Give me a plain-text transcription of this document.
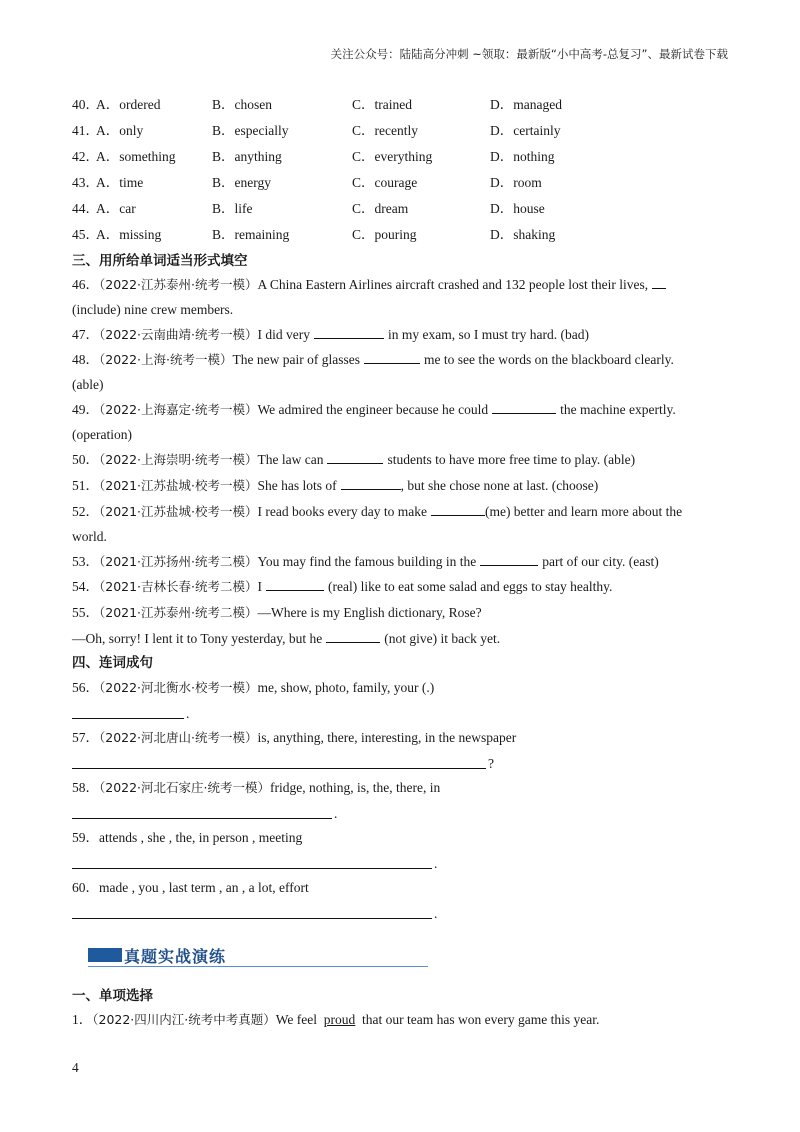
关注公众号：陆陆高分冲刺 ~领取：最新版“小中高考-总复习”、最新试卷下载
40．
A．ordered	B．chosen	C．trained	D．managed
41．
A．only	B．especially	C．recently	D．certainly
42．
A．something	B．anything	C．everything	D．nothing
43．
A．time	B．energy	C．courage	D．room
44．
A．car	B．life	C．dream	D．house
45．
A．missing	B．remaining	C．pouring	D．shaking
三、用所给单词适当形式填空
46．（2022·江苏泰州·统考一模）A China Eastern Airlines aircraft crashed and 132 people lost their lives,
(include) nine crew members.
47．（2022·云南曲靖·统考一模）I did very	in my exam, so I must try hard. (bad)
48．（2022·上海·统考一模）The new pair of glasses	me to see the words on the blackboard clearly.
(able)
49．（2022·上海嘉定·统考一模）We admired the engineer because he could	the machine expertly.
(operation)
50．（2022·上海崇明·统考一模）The law can	students to have more free time to play. (able)
51．（2021·江苏盐城·校考一模）She has lots of	, but she chose none at last. (choose)
52．（2021·江苏盐城·校考一模）I read books every day to make	(me) better and learn more about the
world.
53．（2021·江苏扬州·统考二模）You may find the famous building in the	part of our city. (east)
54．（2021·吉林长春·统考二模）I	(real) like to eat some salad and eggs to stay healthy.
55．（2021·江苏泰州·统考二模）—Where is my English dictionary, Rose?
—Oh, sorry! I lent it to Tony yesterday, but he	(not give) it back yet.
四、连词成句
56．（2022·河北衡水·校考一模）me, show, photo, family, your (.)
.
57．（2022·河北唐山·统考一模）is, anything, there, interesting, in the newspaper
?
58．（2022·河北石家庄·统考一模）fridge, nothing, is, the, there, in
.
59．attends , she , the, in person , meeting
.
60．made , you , last term , an , a lot, effort
.
真题实战演练
一、单项选择
1．（2022·四川内江·统考中考真题）We feel proud that our team has won every game this year.
4
